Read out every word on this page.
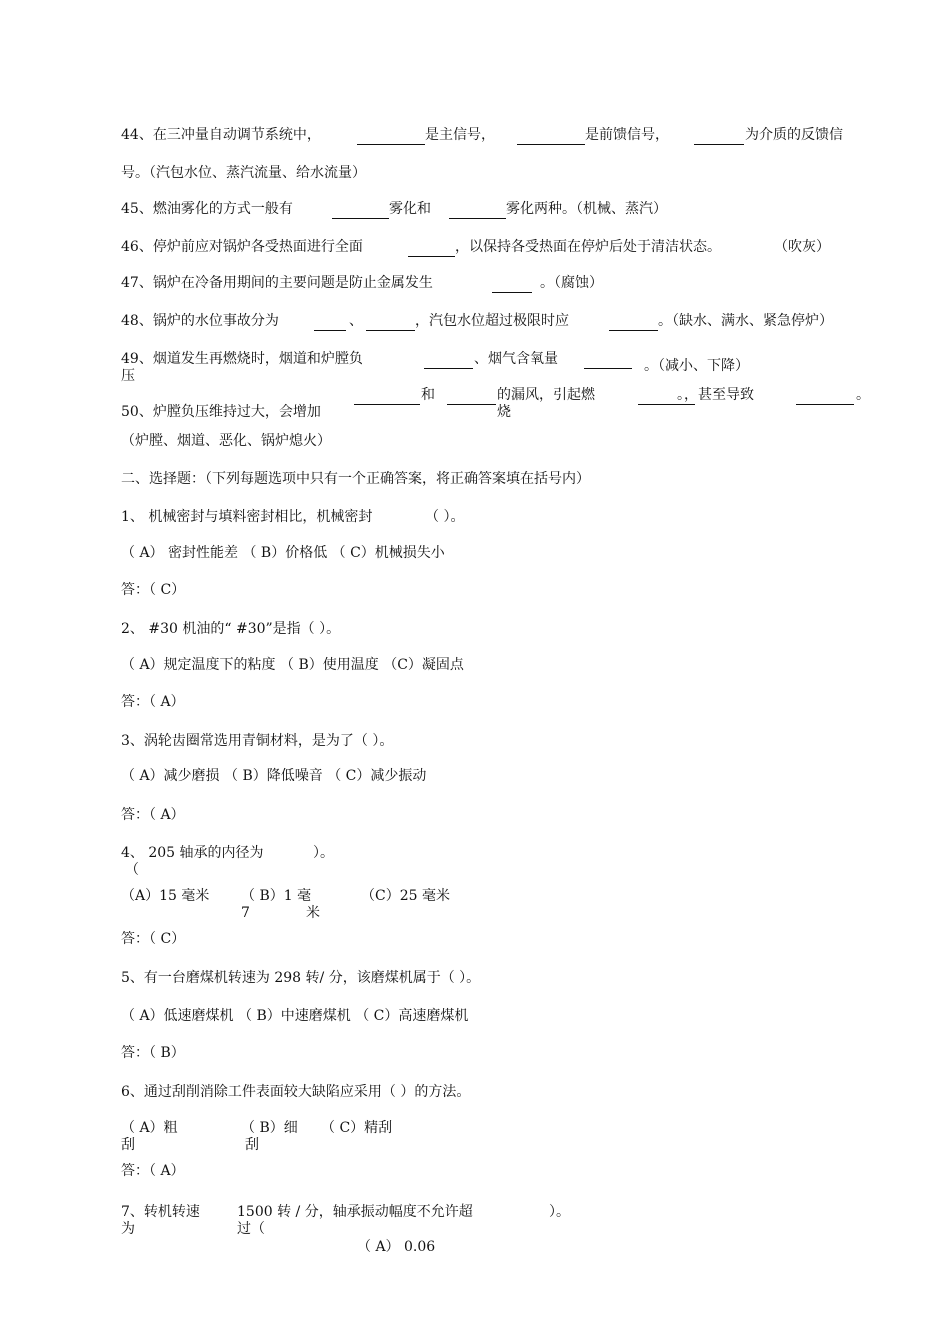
44、在三冲量自动调节系统中，	是主信号，	是前馈信号，	为介质的反馈信
号。（汽包水位、蒸汽流量、给水流量）
45、燃油雾化的方式一般有	雾化和	雾化两种。（机械、蒸汽）
46、停炉前应对锅炉各受热面进行全面	，以保持各受热面在停炉后处于清洁状态。	（吹灰）
47、锅炉在冷备用期间的主要问题是防止金属发生	。（腐蚀）
48、锅炉的水位事故分为	、	，汽包水位超过极限时应	。（缺水、满水、紧急停炉）
49、烟道发生再燃烧时，烟道和炉膛负
压
、烟气含氧量	。（减小、下降）
50、炉膛负压维持过大，会增加
和	的漏风，引起燃
烧
。，甚至导致	。
（炉膛、烟道、恶化、锅炉熄火）
二、选择题：（下列每题选项中只有一个正确答案，将正确答案填在括号内）
1、 机械密封与填料密封相比，机械密封	（ ）。
（ A） 密封性能差 （ B）价格低 （ C）机械损失小
答：（ C）
2、 #30 机油的“ #30”是指（ ）。
（ A）规定温度下的粘度 （ B）使用温度 （C）凝固点
答：（ A）
3、涡轮齿圈常选用青铜材料，是为了（ ）。
（ A）减少磨损 （ B）降低噪音 （ C）减少振动
答：（ A）
4、 205 轴承的内径为	）。
（
（A）15 毫米 （ B）1 毫
7	米
（C）25 毫米
答：（ C）
5、有一台磨煤机转速为 298 转/ 分，该磨煤机属于（ ）。
（ A）低速磨煤机 （ B）中速磨煤机 （ C）高速磨煤机
答：（ B）
6、通过刮削消除工件表面较大缺陷应采用（ ）的方法。
（ A）粗
刮
（ B）细
刮
（ C）精刮
答：（ A）
7、转机转速
为
1500 转 / 分，轴承振动幅度不允许超
过（
）。
（ A） 0.06
